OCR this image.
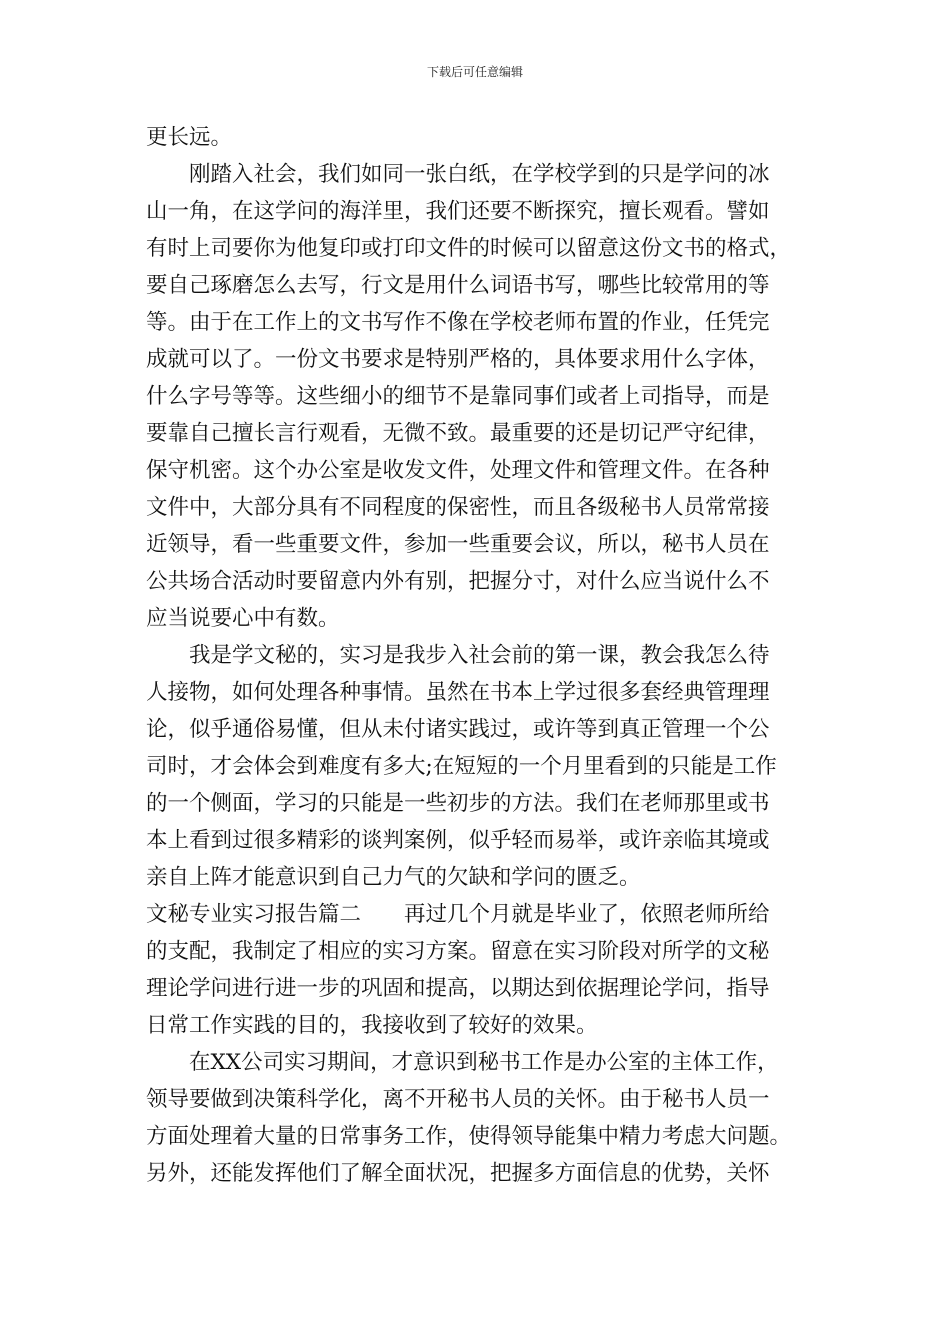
下载后可任意编辑
更长远。
刚踏入社会，我们如同一张白纸，在学校学到的只是学问的冰
山一角，在这学问的海洋里，我们还要不断探究，擅长观看。譬如
有时上司要你为他复印或打印文件的时候可以留意这份文书的格式，
要自己琢磨怎么去写，行文是用什么词语书写，哪些比较常用的等
等。由于在工作上的文书写作不像在学校老师布置的作业，任凭完
成就可以了。一份文书要求是特别严格的，具体要求用什么字体，
什么字号等等。这些细小的细节不是靠同事们或者上司指导，而是
要靠自己擅长言行观看，无微不致。最重要的还是切记严守纪律，
保守机密。这个办公室是收发文件，处理文件和管理文件。在各种
文件中，大部分具有不同程度的保密性，而且各级秘书人员常常接
近领导，看一些重要文件，参加一些重要会议，所以，秘书人员在
公共场合活动时要留意内外有别，把握分寸，对什么应当说什么不
应当说要心中有数。
我是学文秘的，实习是我步入社会前的第一课，教会我怎么待
人接物，如何处理各种事情。虽然在书本上学过很多套经典管理理
论，似乎通俗易懂，但从未付诸实践过，或许等到真正管理一个公
司时，才会体会到难度有多大;在短短的一个月里看到的只能是工作
的一个侧面，学习的只能是一些初步的方法。我们在老师那里或书
本上看到过很多精彩的谈判案例，似乎轻而易举，或许亲临其境或
亲自上阵才能意识到自己力气的欠缺和学问的匮乏。
文秘专业实习报告篇二　　再过几个月就是毕业了，依照老师所给
的支配，我制定了相应的实习方案。留意在实习阶段对所学的文秘
理论学问进行进一步的巩固和提高，以期达到依据理论学问，指导
日常工作实践的目的，我接收到了较好的效果。
在XX公司实习期间，才意识到秘书工作是办公室的主体工作，
领导要做到决策科学化，离不开秘书人员的关怀。由于秘书人员一
方面处理着大量的日常事务工作，使得领导能集中精力考虑大问题。
另外，还能发挥他们了解全面状况，把握多方面信息的优势，关怀
